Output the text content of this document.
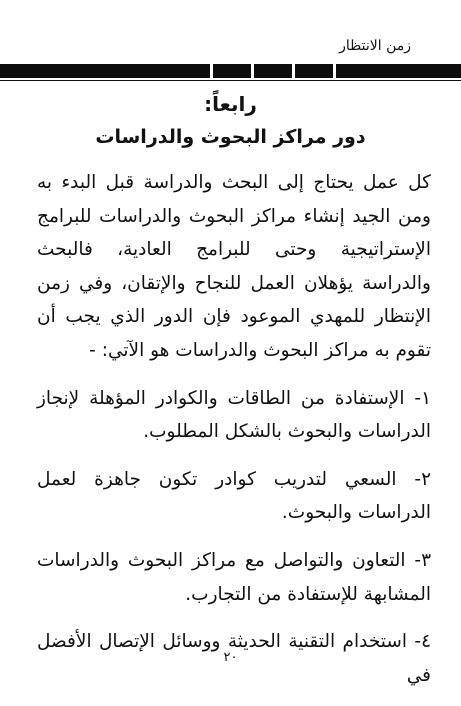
زمن الانتظار
رابعاً:
دور مراكز البحوث والدراسات

كل عمل يحتاج إلى البحث والدراسة قبل البدء به ومن الجيد إنشاء مراكز البحوث والدراسات للبرامج الإستراتيجية وحتى للبرامج العادية، فالبحث والدراسة يؤهلان العمل للنجاح والإتقان، وفي زمن الإنتظار للمهدي الموعود فإن الدور الذي يجب أن تقوم به مراكز البحوث والدراسات هو الآتي: -

١- الإستفادة من الطاقات والكوادر المؤهلة لإنجاز الدراسات والبحوث بالشكل المطلوب.

٢- السعي لتدريب كوادر تكون جاهزة لعمل الدراسات والبحوث.

٣- التعاون والتواصل مع مراكز البحوث والدراسات المشابهة للإستفادة من التجارب.

٤- استخدام التقنية الحديثة ووسائل الإتصال الأفضل في

٢٠
